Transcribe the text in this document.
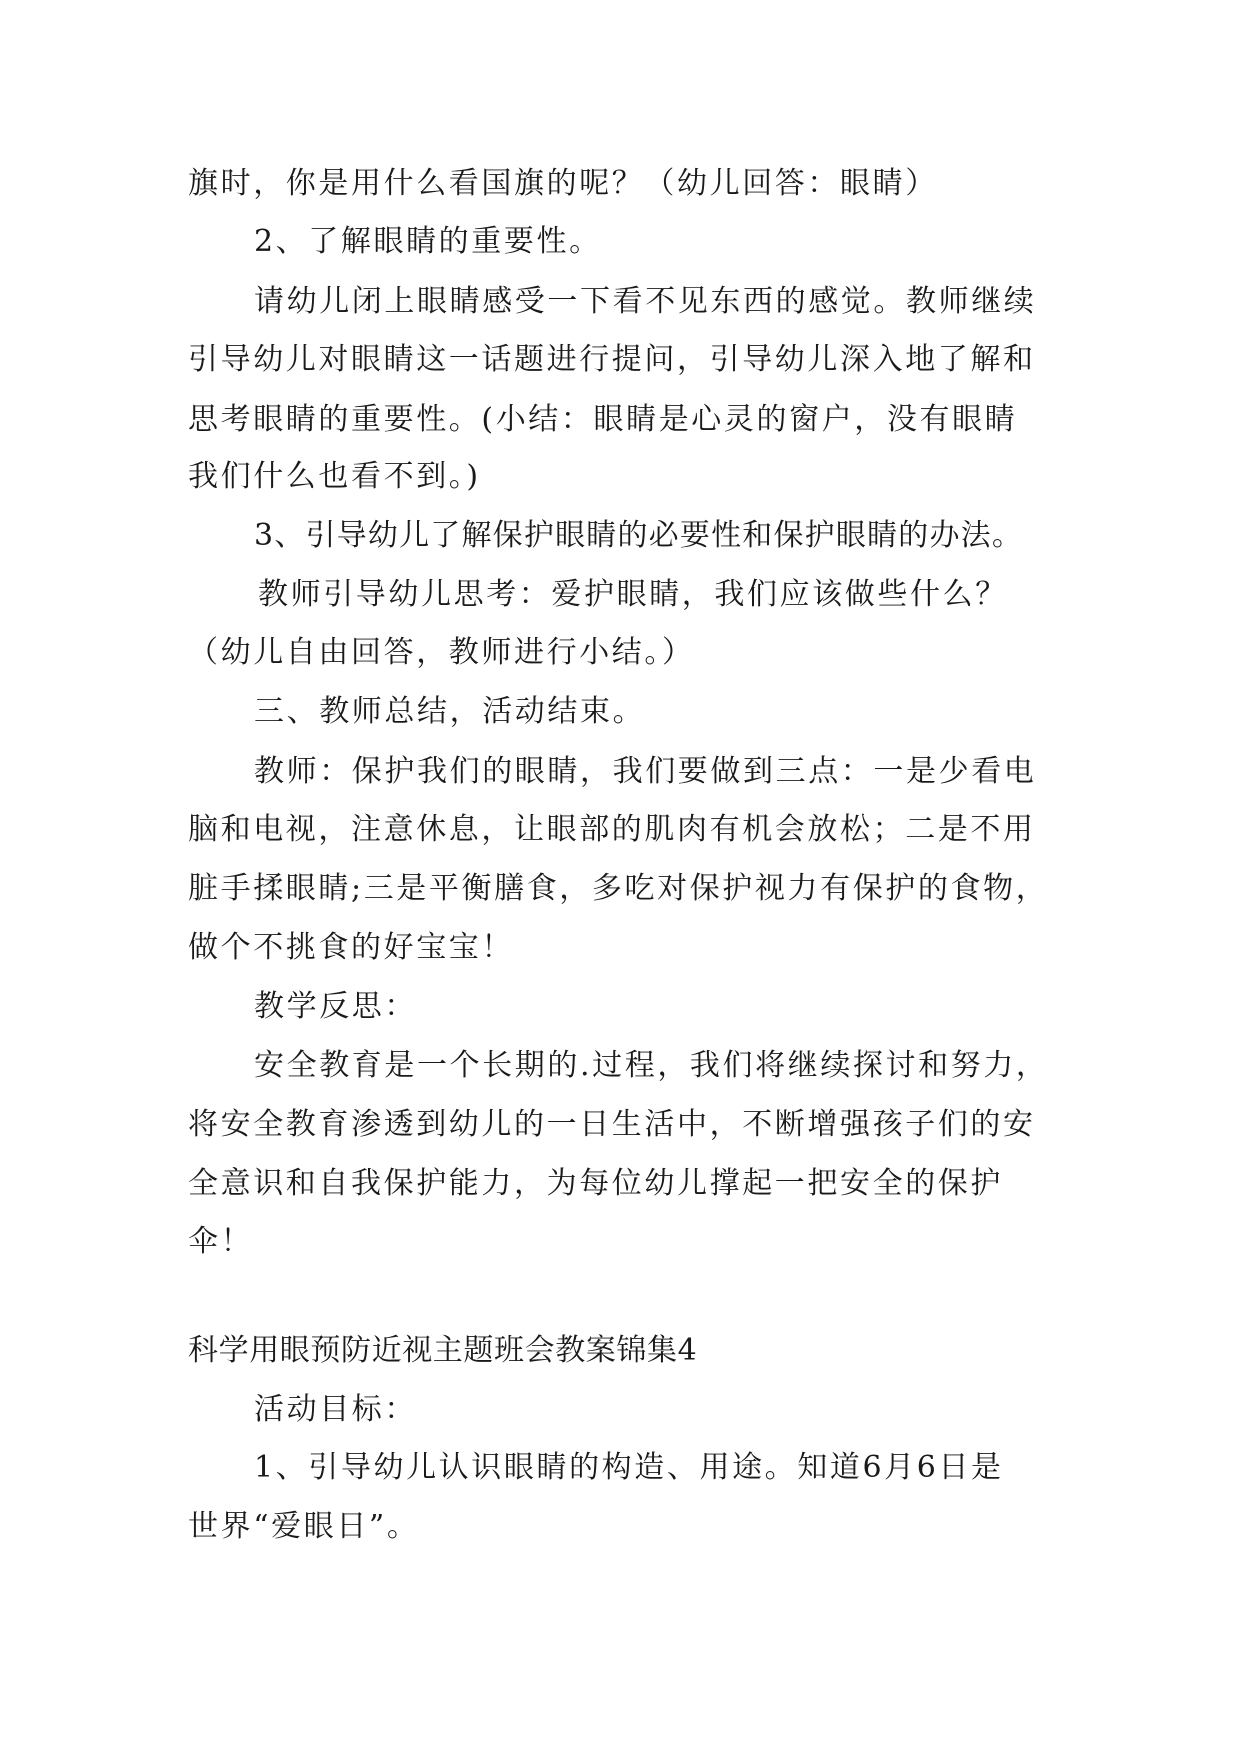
旗时，你是用什么看国旗的呢？（幼儿回答：眼睛）
2、了解眼睛的重要性。
请幼儿闭上眼睛感受一下看不见东西的感觉。教师继续
引导幼儿对眼睛这一话题进行提问，引导幼儿深入地了解和
思考眼睛的重要性。(小结：眼睛是心灵的窗户，没有眼睛
我们什么也看不到。)
3、引导幼儿了解保护眼睛的必要性和保护眼睛的办法。
教师引导幼儿思考：爱护眼睛，我们应该做些什么？
（幼儿自由回答，教师进行小结。）
三、教师总结，活动结束。
教师：保护我们的眼睛，我们要做到三点：一是少看电
脑和电视，注意休息，让眼部的肌肉有机会放松；二是不用
脏手揉眼睛;三是平衡膳食，多吃对保护视力有保护的食物，
做个不挑食的好宝宝！
教学反思：
安全教育是一个长期的.过程，我们将继续探讨和努力，
将安全教育渗透到幼儿的一日生活中，不断增强孩子们的安
全意识和自我保护能力，为每位幼儿撑起一把安全的保护
伞！
科学用眼预防近视主题班会教案锦集4
活动目标：
1、引导幼儿认识眼睛的构造、用途。知道6月6日是
世界“爱眼日”。
